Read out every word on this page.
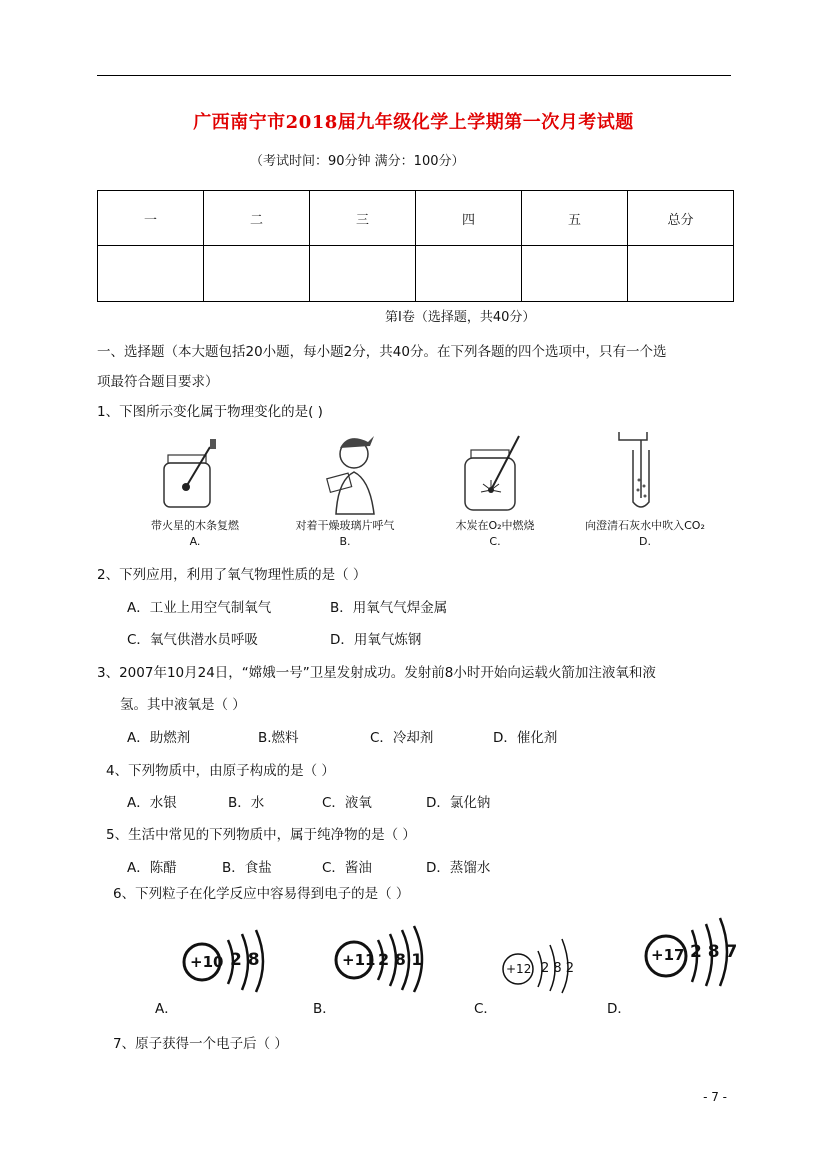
广西南宁市2018届九年级化学上学期第一次月考试题
（考试时间：90分钟 满分：100分）
一	二	三	四	五	总分

第Ⅰ卷（选择题，共40分）
一、选择题（本大题包括20小题，每小题2分，共40分。在下列各题的四个选项中，只有一个选
项最符合题目要求）
1、下图所示变化属于物理变化的是( )
带火星的木条复燃	对着干燥玻璃片呼气	木炭在O₂中燃烧	向澄清石灰水中吹入CO₂
A.	B.	C.	D.
2、下列应用，利用了氧气物理性质的是（ ）
A．工业上用空气制氧气	B．用氧气气焊金属
C．氧气供潜水员呼吸	D．用氧气炼钢
3、2007年10月24日，“嫦娥一号”卫星发射成功。发射前8小时开始向运载火箭加注液氧和液
氢。其中液氧是（ ）
A．助燃剂	B.燃料	C．冷却剂	D．催化剂
4、下列物质中，由原子构成的是（ ）
A．水银	B．水	C．液氧	D．氯化钠
5、生活中常见的下列物质中，属于纯净物的是（ ）
A．陈醋	B．食盐	C．酱油	D．蒸馏水
6、下列粒子在化学反应中容易得到电子的是（ ）
+10 2 8	+11 2 8 1	+12 2 8 2
+17 2 8 7
A．	B．	C．	D．
7、原子获得一个电子后（ ）
- 7 -
